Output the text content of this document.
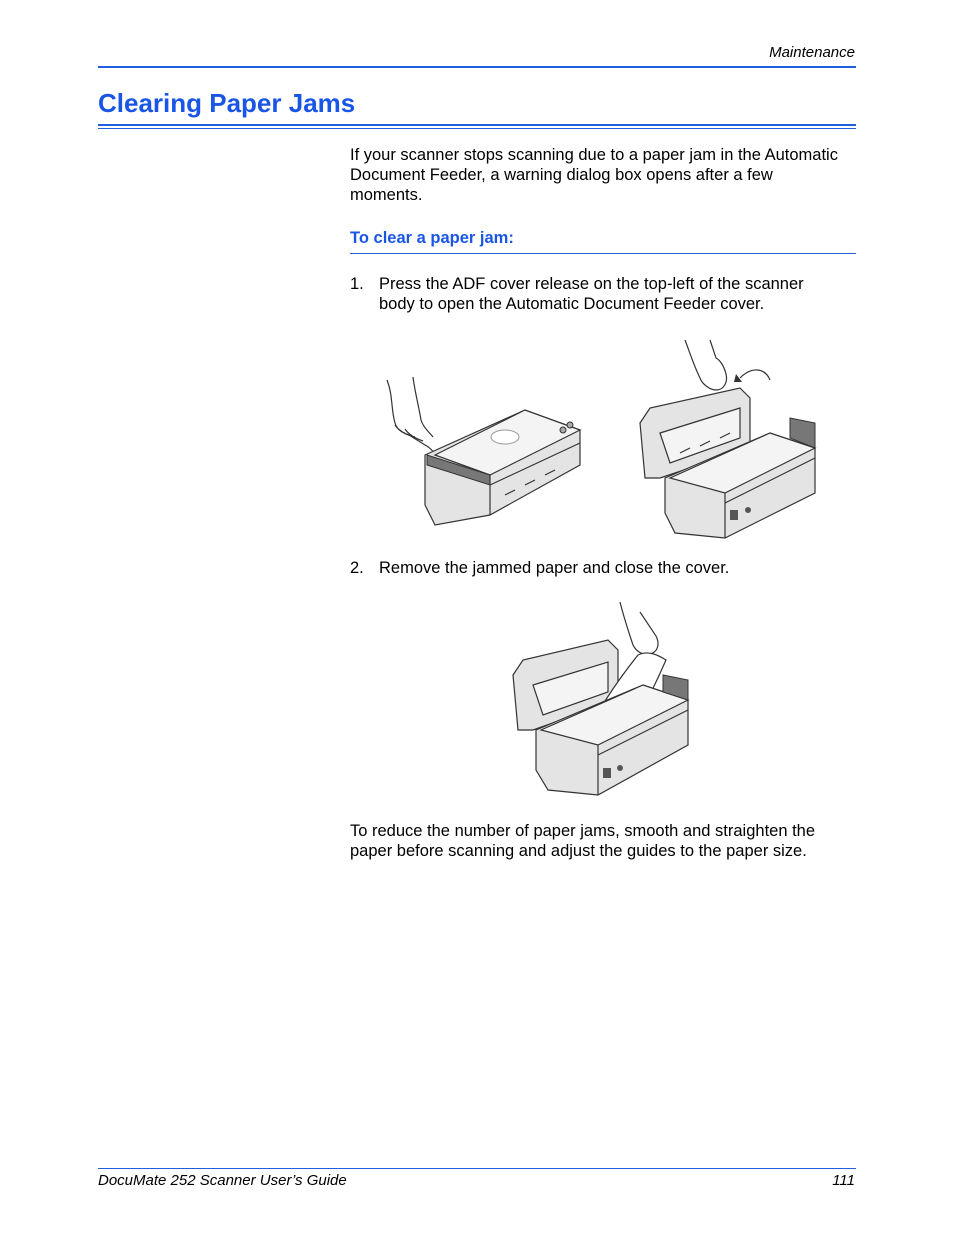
Maintenance
Clearing Paper Jams
If your scanner stops scanning due to a paper jam in the Automatic
Document Feeder, a warning dialog box opens after a few
moments.
To clear a paper jam:
1. Press the ADF cover release on the top-left of the scanner
body to open the Automatic Document Feeder cover.
2. Remove the jammed paper and close the cover.
To reduce the number of paper jams, smooth and straighten the
paper before scanning and adjust the guides to the paper size.
DocuMate 252 Scanner User’s Guide	111
